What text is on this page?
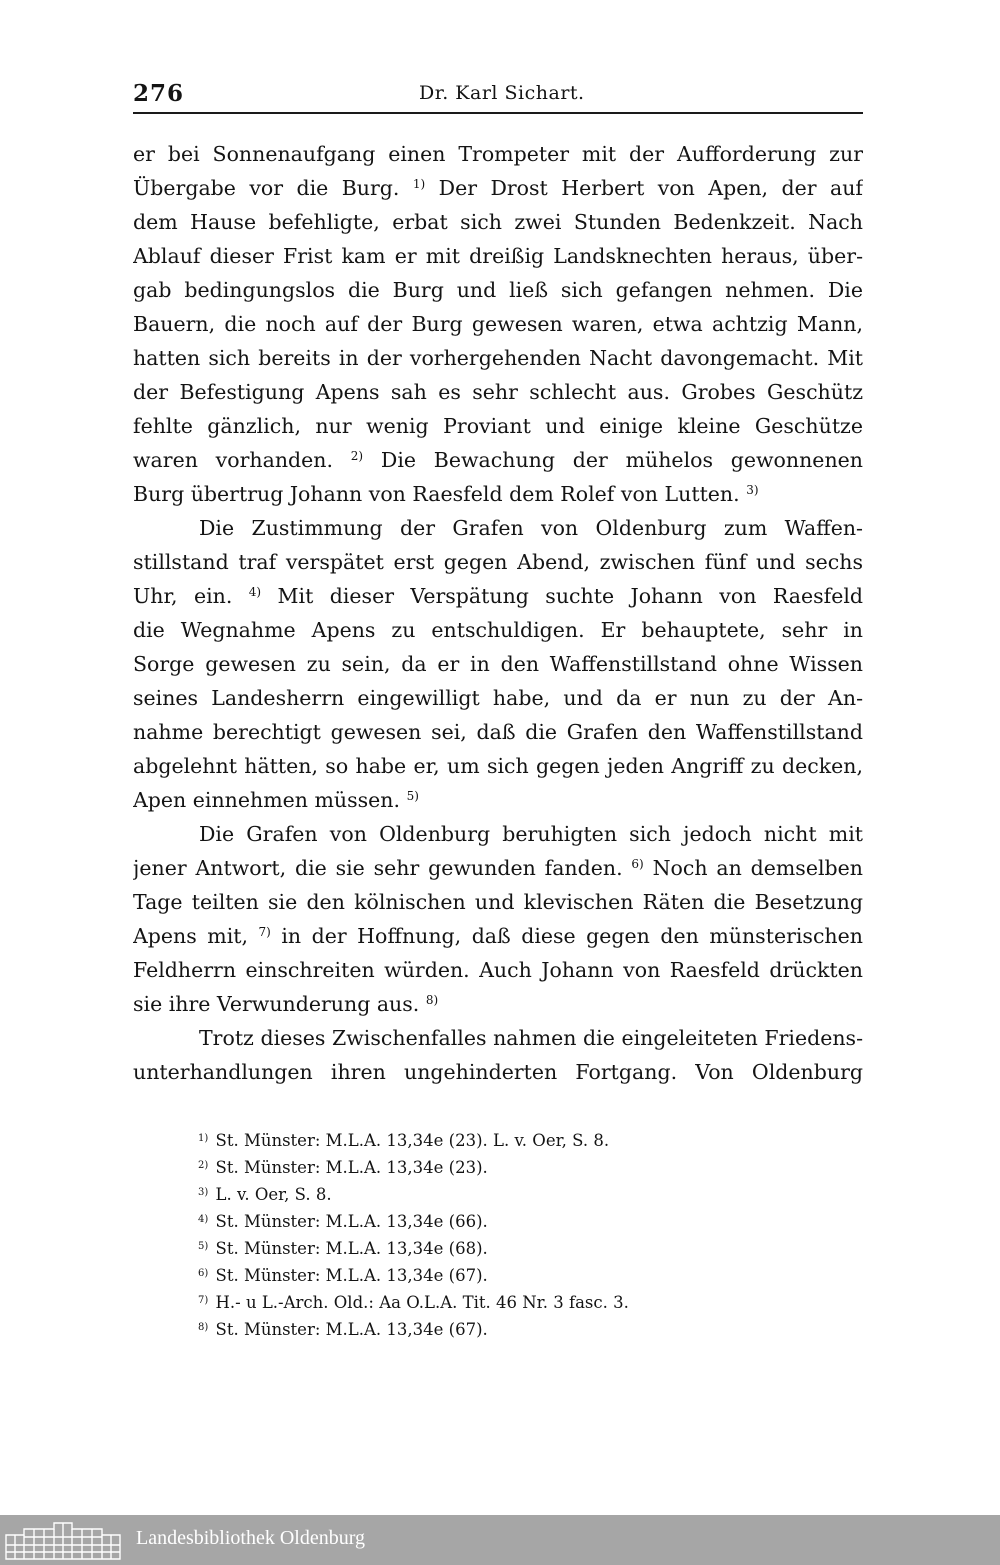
276	Dr. Karl Sichart.
er bei Sonnenaufgang einen Trompeter mit der Aufforderung zur
Übergabe vor die Burg. $^{1)}$ Der Drost Herbert von Apen, der auf
dem Hause befehligte, erbat sich zwei Stunden Bedenkzeit. Nach
Ablauf dieser Frist kam er mit dreißig Landsknechten heraus, über-
gab bedingungslos die Burg und ließ sich gefangen nehmen. Die
Bauern, die noch auf der Burg gewesen waren, etwa achtzig Mann,
hatten sich bereits in der vorhergehenden Nacht davongemacht. Mit
der Befestigung Apens sah es sehr schlecht aus. Grobes Geschütz
fehlte gänzlich, nur wenig Proviant und einige kleine Geschütze
waren vorhanden. $^{2)}$ Die Bewachung der mühelos gewonnenen
Burg übertrug Johann von Raesfeld dem Rolef von Lutten. $^{3)}$
Die Zustimmung der Grafen von Oldenburg zum Waffen-
stillstand traf verspätet erst gegen Abend, zwischen fünf und sechs
Uhr, ein. $^{4)}$ Mit dieser Verspätung suchte Johann von Raesfeld
die Wegnahme Apens zu entschuldigen. Er behauptete, sehr in
Sorge gewesen zu sein, da er in den Waffenstillstand ohne Wissen
seines Landesherrn eingewilligt habe, und da er nun zu der An-
nahme berechtigt gewesen sei, daß die Grafen den Waffenstillstand
abgelehnt hätten, so habe er, um sich gegen jeden Angriff zu decken,
Apen einnehmen müssen. $^{5)}$
Die Grafen von Oldenburg beruhigten sich jedoch nicht mit
jener Antwort, die sie sehr gewunden fanden. $^{6)}$ Noch an demselben
Tage teilten sie den kölnischen und klevischen Räten die Besetzung
Apens mit, $^{7)}$ in der Hoffnung, daß diese gegen den münsterischen
Feldherrn einschreiten würden. Auch Johann von Raesfeld drückten
sie ihre Verwunderung aus. $^{8)}$
Trotz dieses Zwischenfalles nahmen die eingeleiteten Friedens-
unterhandlungen ihren ungehinderten Fortgang. Von Oldenburg
$^{1)}$ St. Münster: M.L.A. 13,34e (23). L. v. Oer, S. 8.
$^{2)}$ St. Münster: M.L.A. 13,34e (23).
$^{3)}$ L. v. Oer, S. 8.
$^{4)}$ St. Münster: M.L.A. 13,34e (66).
$^{5)}$ St. Münster: M.L.A. 13,34e (68).
$^{6)}$ St. Münster: M.L.A. 13,34e (67).
$^{7)}$ H.- u L.-Arch. Old.: Aa O.L.A. Tit. 46 Nr. 3 fasc. 3.
$^{8)}$ St. Münster: M.L.A. 13,34e (67).
Landesbibliothek Oldenburg
